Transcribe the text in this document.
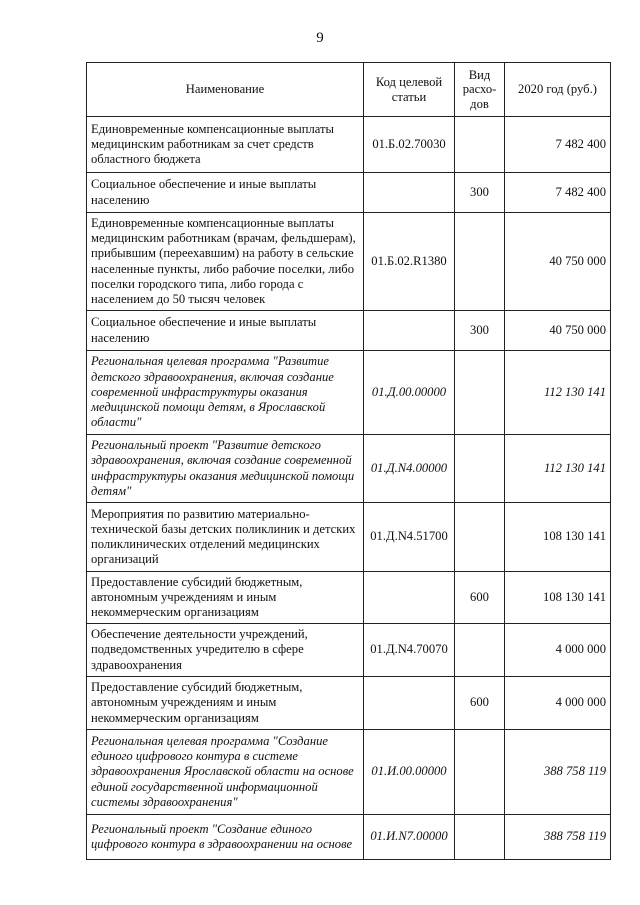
9
Наименование	Код целевой статьи	Вид расхо-дов	2020 год (руб.)
Единовременные компенсационные выплаты медицинским работникам за счет средств областного бюджета	01.Б.02.70030		7 482 400
Социальное обеспечение и иные выплаты населению		300	7 482 400
Единовременные компенсационные выплаты медицинским работникам (врачам, фельдшерам), прибывшим (переехавшим) на работу в сельские населенные пункты, либо рабочие поселки, либо поселки городского типа, либо города с населением до 50 тысяч человек	01.Б.02.R1380		40 750 000
Социальное обеспечение и иные выплаты населению		300	40 750 000
Региональная целевая программа "Развитие детского здравоохранения, включая создание современной инфраструктуры оказания медицинской помощи детям, в Ярославской области"	01.Д.00.00000		112 130 141
Региональный проект "Развитие детского здравоохранения, включая создание современной инфраструктуры оказания медицинской помощи детям"	01.Д.N4.00000		112 130 141
Мероприятия по развитию материально-технической базы детских поликлиник и детских поликлинических отделений медицинских организаций	01.Д.N4.51700		108 130 141
Предоставление субсидий бюджетным, автономным учреждениям и иным некоммерческим организациям		600	108 130 141
Обеспечение деятельности учреждений, подведомственных учредителю в сфере здравоохранения	01.Д.N4.70070		4 000 000
Предоставление субсидий бюджетным, автономным учреждениям и иным некоммерческим организациям		600	4 000 000
Региональная целевая программа "Создание единого цифрового контура в системе здравоохранения Ярославской области на основе единой государственной информационной системы здравоохранения"	01.И.00.00000		388 758 119
Региональный проект "Создание единого цифрового контура в здравоохранении на основе	01.И.N7.00000		388 758 119
